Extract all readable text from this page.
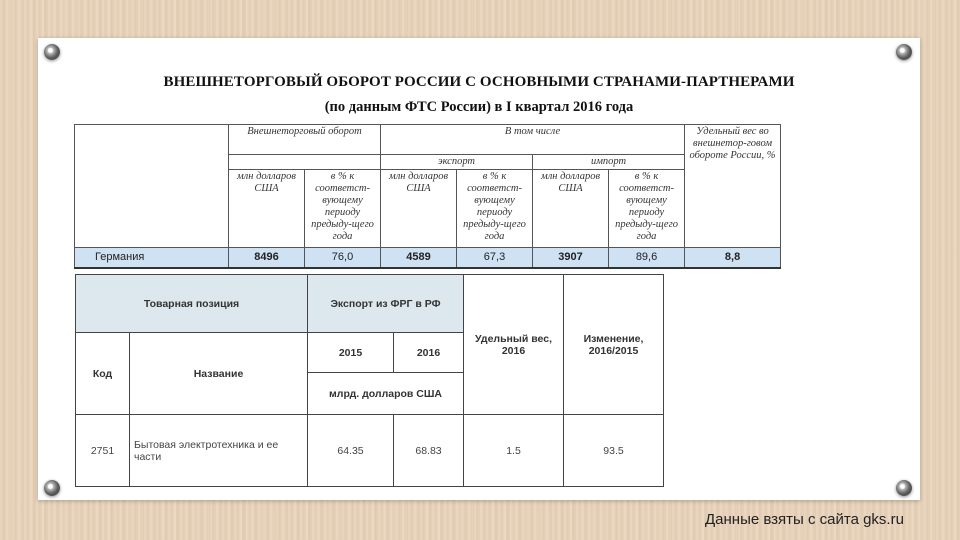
ВНЕШНЕТОРГОВЫЙ ОБОРОТ РОССИИ С ОСНОВНЫМИ СТРАНАМИ-ПАРТНЕРАМИ
(по данным ФТС России) в I квартал 2016 года
	Внешнеторговый оборот		В том числе				Удельный вес во внешнетор-говом обороте России, %
			экспорт		импорт		
	млн долларов США	в % к соответст-вующему периоду предыду-щего года	млн долларов США	в % к соответст-вующему периоду предыду-щего года	млн долларов США	в % к соответст-вующему периоду предыду-щего года	
Германия	8496	76,0	4589	67,3	3907	89,6	8,8
Товарная позиция		Экспорт из ФРГ в РФ		Удельный вес, 2016	Изменение, 2016/2015
Код	Название	2015	2016		
		млрд. долларов США			
2751	Бытовая электротехника и ее части	64.35	68.83	1.5	93.5
Данные взяты с сайта gks.ru
